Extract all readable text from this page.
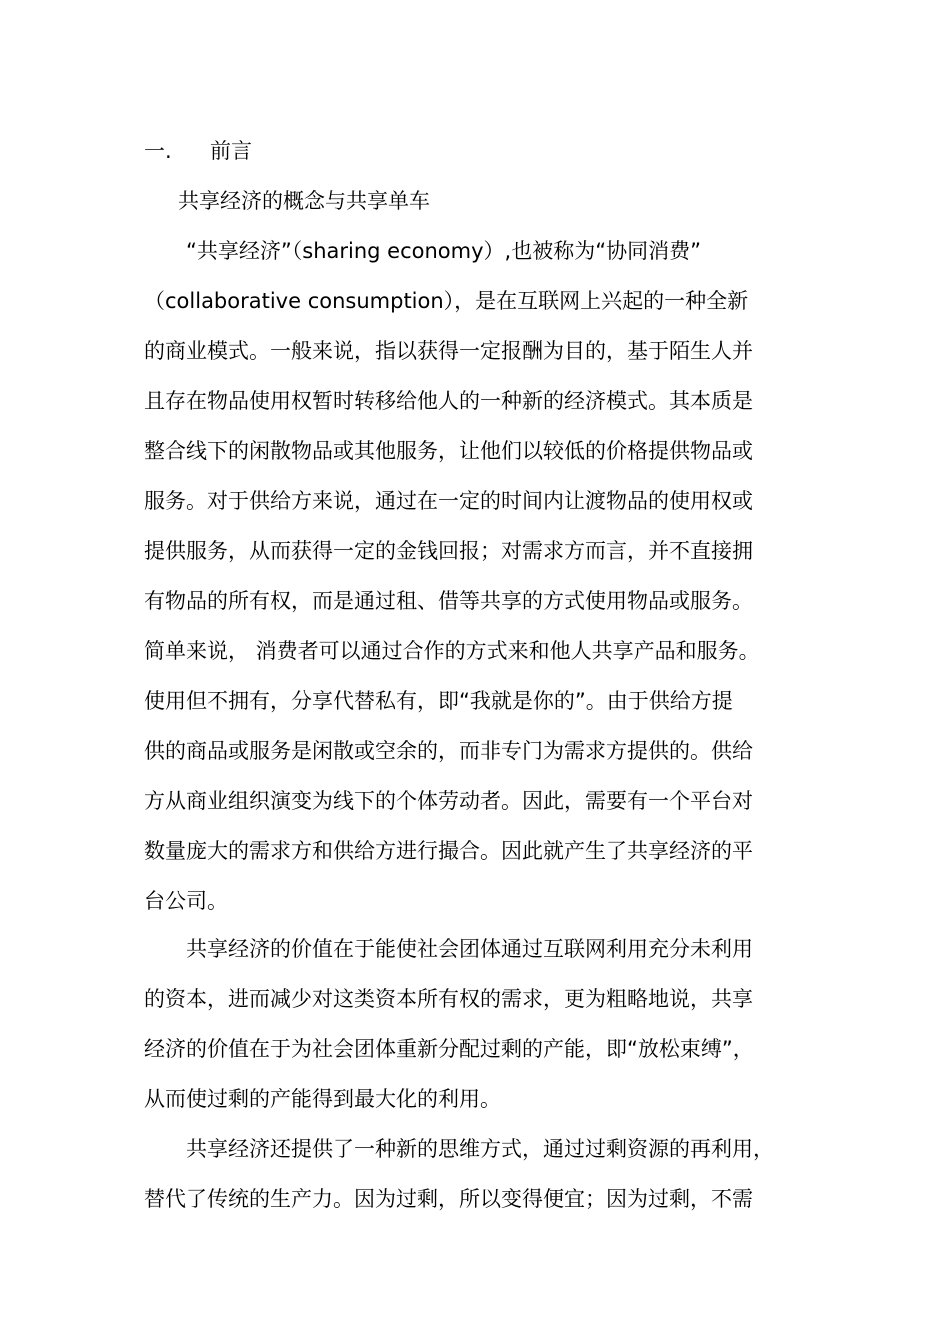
一. 前言

共享经济的概念与共享单车

“共享经济”（sharing economy）,也被称为“协同消费”

（collaborative consumption），是在互联网上兴起的一种全新

的商业模式。一般来说，指以获得一定报酬为目的，基于陌生人并

且存在物品使用权暂时转移给他人的一种新的经济模式。其本质是

整合线下的闲散物品或其他服务，让他们以较低的价格提供物品或

服务。对于供给方来说，通过在一定的时间内让渡物品的使用权或

提供服务，从而获得一定的金钱回报；对需求方而言，并不直接拥

有物品的所有权，而是通过租、借等共享的方式使用物品或服务。

简单来说， 消费者可以通过合作的方式来和他人共享产品和服务。

使用但不拥有，分享代替私有，即“我就是你的”。由于供给方提

供的商品或服务是闲散或空余的，而非专门为需求方提供的。供给

方从商业组织演变为线下的个体劳动者。因此，需要有一个平台对

数量庞大的需求方和供给方进行撮合。因此就产生了共享经济的平

台公司。

共享经济的价值在于能使社会团体通过互联网利用充分未利用

的资本，进而减少对这类资本所有权的需求，更为粗略地说，共享

经济的价值在于为社会团体重新分配过剩的产能，即“放松束缚”，

从而使过剩的产能得到最大化的利用。

共享经济还提供了一种新的思维方式，通过过剩资源的再利用，

替代了传统的生产力。因为过剩，所以变得便宜；因为过剩，不需
